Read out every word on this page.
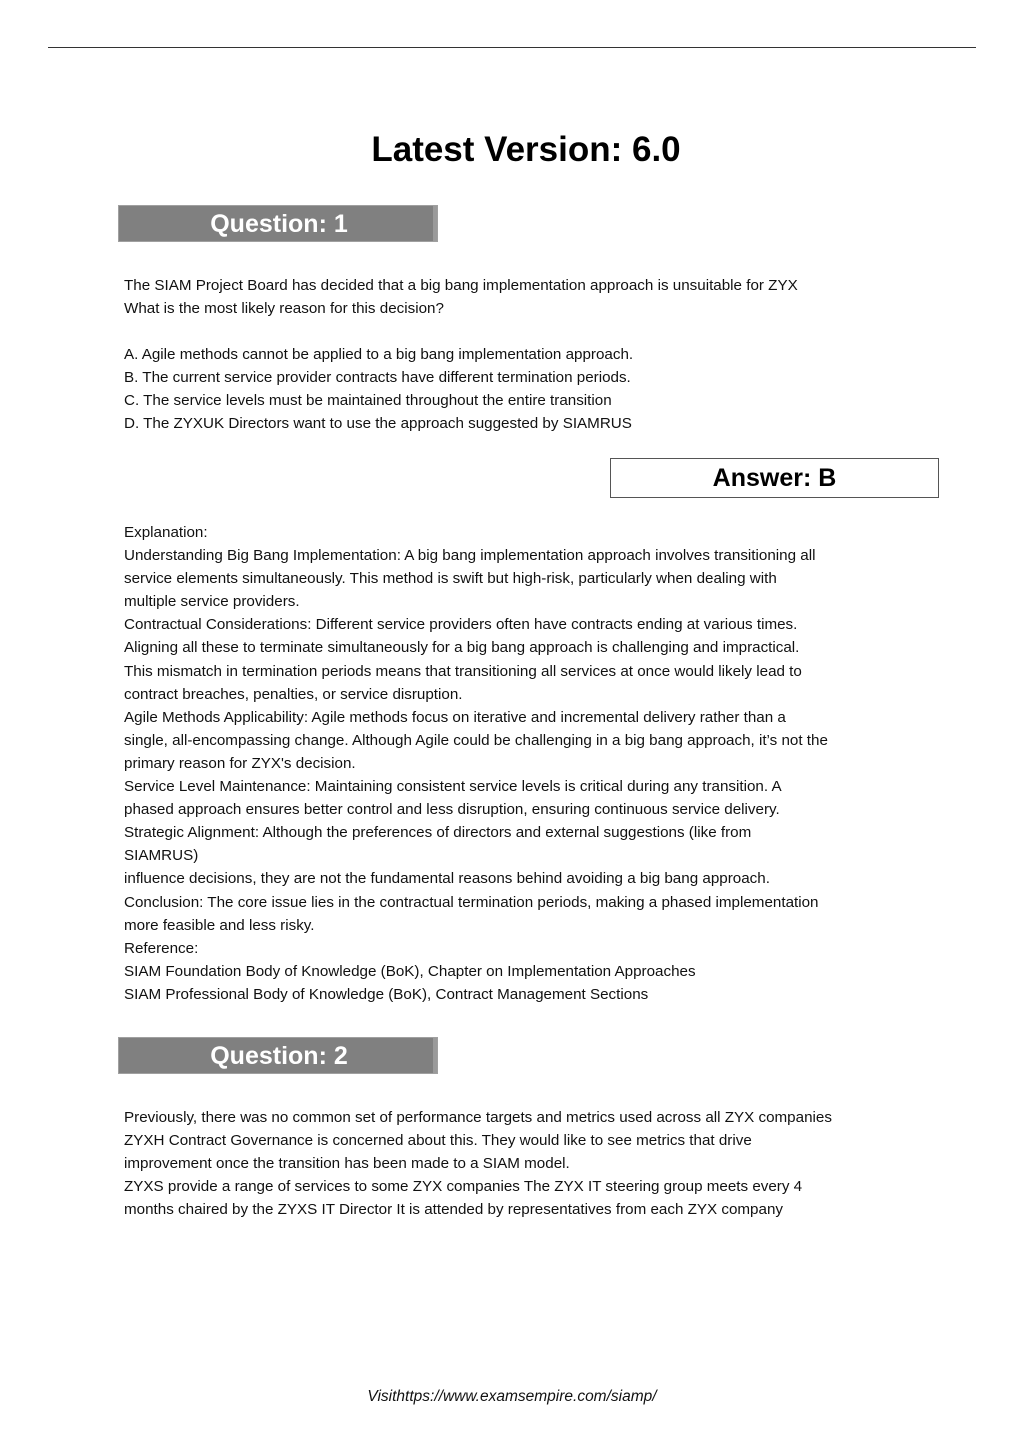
Latest Version: 6.0
Question: 1
The SIAM Project Board has decided that a big bang implementation approach is unsuitable for ZYX
What is the most likely reason for this decision?
A. Agile methods cannot be applied to a big bang implementation approach.
B. The current service provider contracts have different termination periods.
C. The service levels must be maintained throughout the entire transition
D. The ZYXUK Directors want to use the approach suggested by SIAMRUS
Answer: B
Explanation:
Understanding Big Bang Implementation: A big bang implementation approach involves transitioning all
service elements simultaneously. This method is swift but high-risk, particularly when dealing with
multiple service providers.
Contractual Considerations: Different service providers often have contracts ending at various times.
Aligning all these to terminate simultaneously for a big bang approach is challenging and impractical.
This mismatch in termination periods means that transitioning all services at once would likely lead to
contract breaches, penalties, or service disruption.
Agile Methods Applicability: Agile methods focus on iterative and incremental delivery rather than a
single, all-encompassing change. Although Agile could be challenging in a big bang approach, it’s not the
primary reason for ZYX's decision.
Service Level Maintenance: Maintaining consistent service levels is critical during any transition. A
phased approach ensures better control and less disruption, ensuring continuous service delivery.
Strategic Alignment: Although the preferences of directors and external suggestions (like from
SIAMRUS)
influence decisions, they are not the fundamental reasons behind avoiding a big bang approach.
Conclusion: The core issue lies in the contractual termination periods, making a phased implementation
more feasible and less risky.
Reference:
SIAM Foundation Body of Knowledge (BoK), Chapter on Implementation Approaches
SIAM Professional Body of Knowledge (BoK), Contract Management Sections
Question: 2
Previously, there was no common set of performance targets and metrics used across all ZYX companies
ZYXH Contract Governance is concerned about this. They would like to see metrics that drive
improvement once the transition has been made to a SIAM model.
ZYXS provide a range of services to some ZYX companies The ZYX IT steering group meets every 4
months chaired by the ZYXS IT Director It is attended by representatives from each ZYX company
Visithttps://www.examsempire.com/siamp/
